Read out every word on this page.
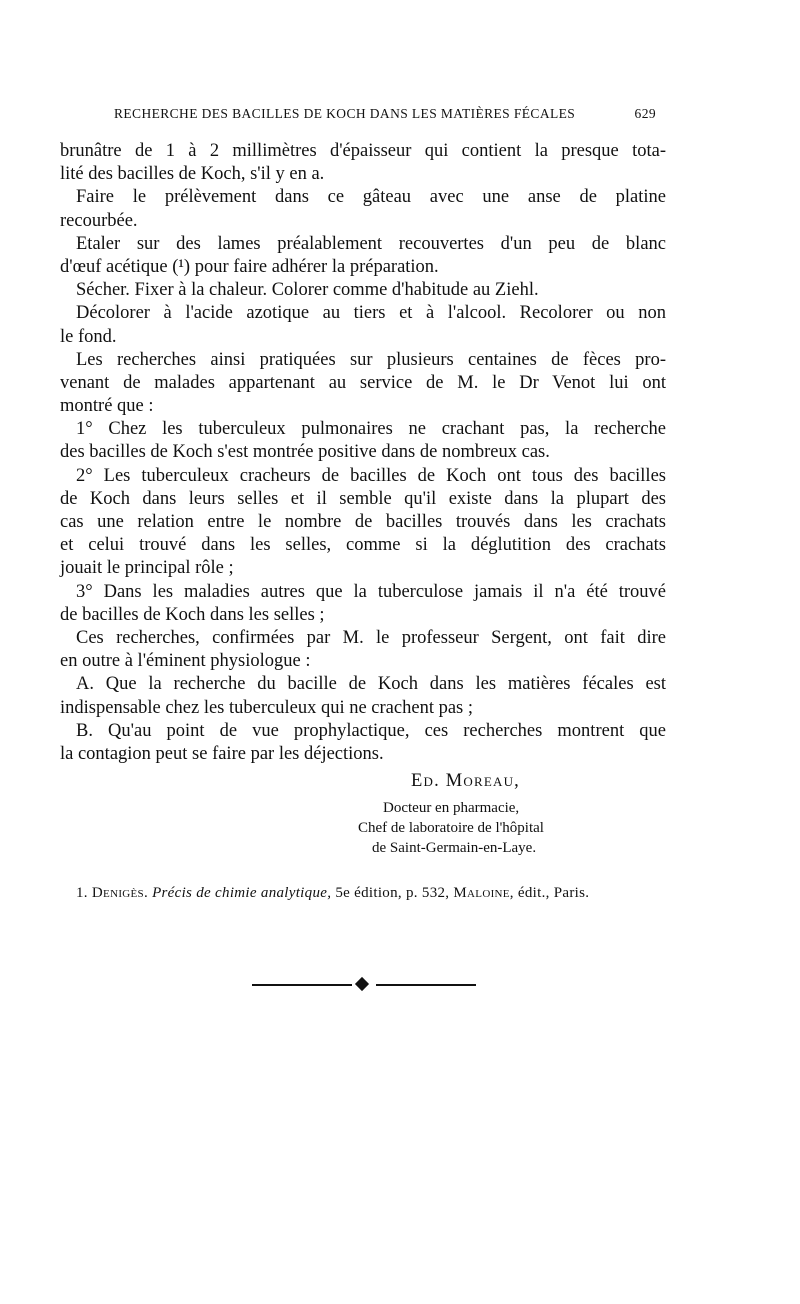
RECHERCHE DES BACILLES DE KOCH DANS LES MATIÈRES FÉCALES	629
brunâtre de 1 à 2 millimètres d'épaisseur qui contient la presque tota-
lité des bacilles de Koch, s'il y en a.
Faire le prélèvement dans ce gâteau avec une anse de platine
recourbée.
Etaler sur des lames préalablement recouvertes d'un peu de blanc
d'œuf acétique (¹) pour faire adhérer la préparation.
Sécher. Fixer à la chaleur. Colorer comme d'habitude au Ziehl.
Décolorer à l'acide azotique au tiers et à l'alcool. Recolorer ou non
le fond.
Les recherches ainsi pratiquées sur plusieurs centaines de fèces pro-
venant de malades appartenant au service de M. le Dr Venot lui ont
montré que :
1° Chez les tuberculeux pulmonaires ne crachant pas, la recherche
des bacilles de Koch s'est montrée positive dans de nombreux cas.
2° Les tuberculeux cracheurs de bacilles de Koch ont tous des bacilles
de Koch dans leurs selles et il semble qu'il existe dans la plupart des
cas une relation entre le nombre de bacilles trouvés dans les crachats
et celui trouvé dans les selles, comme si la déglutition des crachats
jouait le principal rôle ;
3° Dans les maladies autres que la tuberculose jamais il n'a été trouvé
de bacilles de Koch dans les selles ;
Ces recherches, confirmées par M. le professeur Sergent, ont fait dire
en outre à l'éminent physiologue :
A. Que la recherche du bacille de Koch dans les matières fécales est
indispensable chez les tuberculeux qui ne crachent pas ;
B. Qu'au point de vue prophylactique, ces recherches montrent que
la contagion peut se faire par les déjections.
Ed. Moreau,
Docteur en pharmacie,
Chef de laboratoire de l'hôpital
de Saint-Germain-en-Laye.
1. Denigès. Précis de chimie analytique, 5e édition, p. 532, Maloine, édit., Paris.
